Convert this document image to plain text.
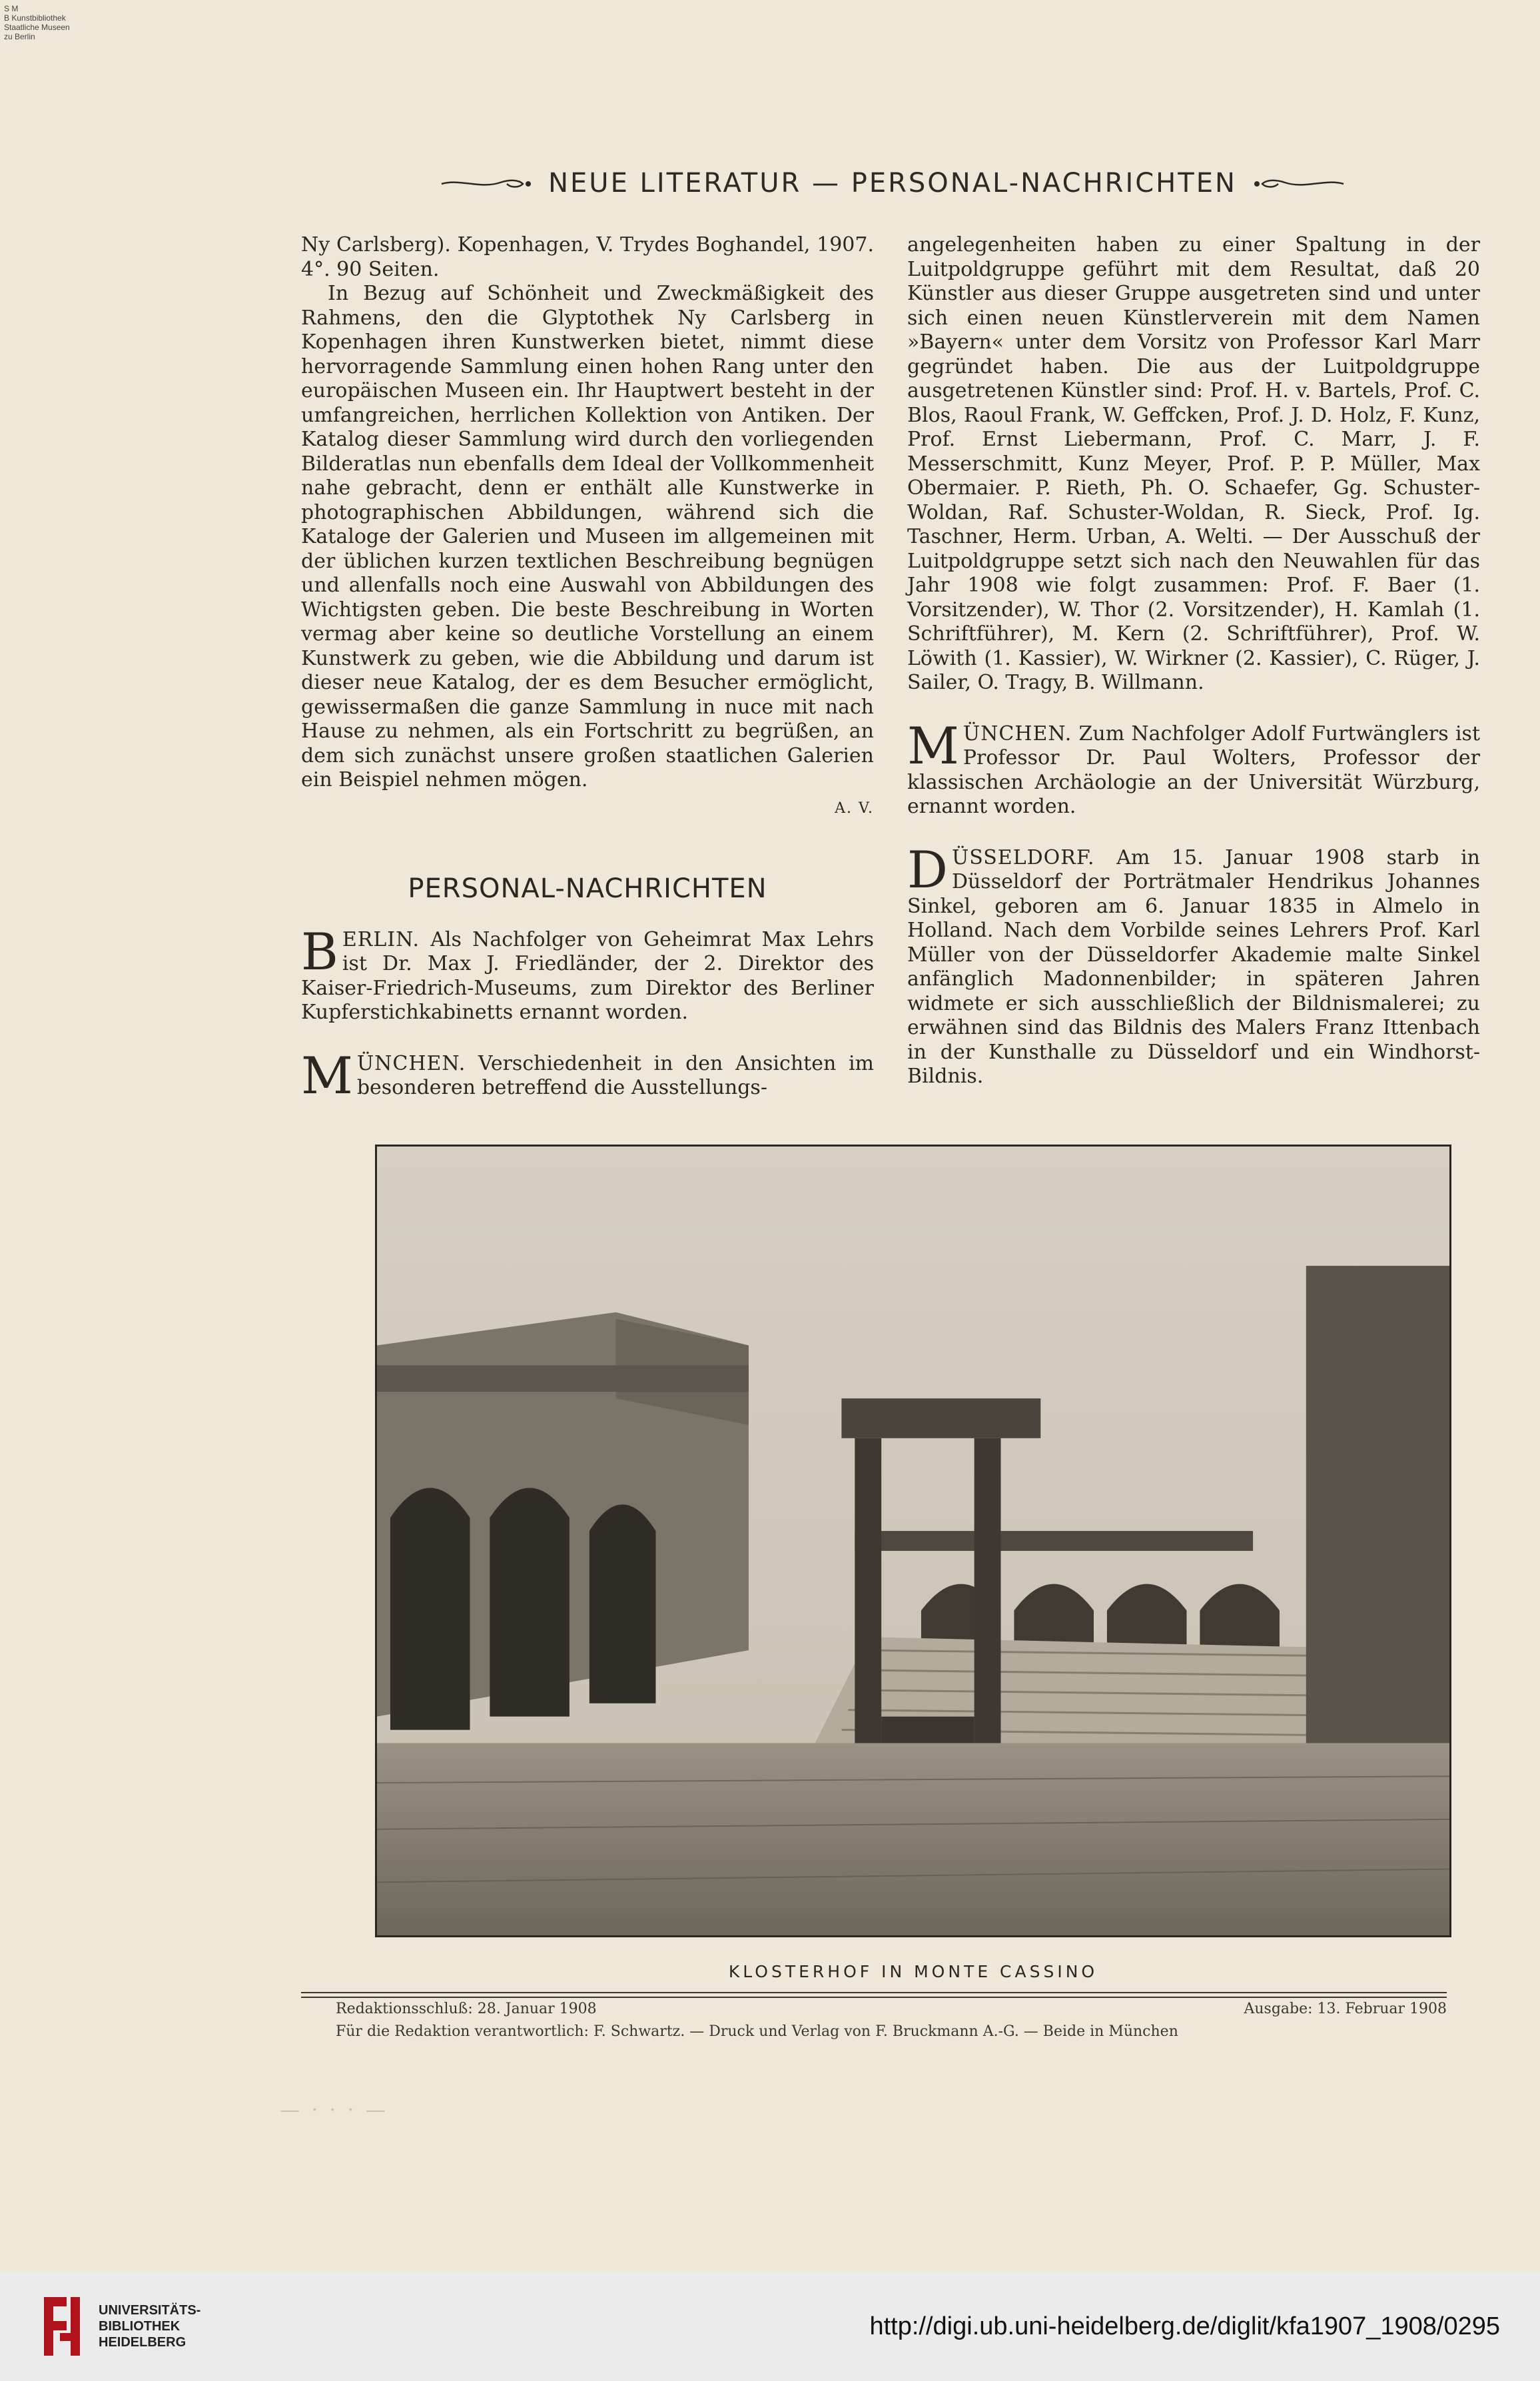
S M
B Kunstbibliothek
Staatliche Museen
zu Berlin
NEUE LITERATUR — PERSONAL-NACHRICHTEN

Ny Carlsberg). Kopenhagen, V. Trydes Boghandel, 1907. 4°. 90 Seiten.

In Bezug auf Schönheit und Zweckmäßigkeit des Rahmens, den die Glyptothek Ny Carlsberg in Kopenhagen ihren Kunstwerken bietet, nimmt diese hervorragende Sammlung einen hohen Rang unter den europäischen Museen ein. Ihr Hauptwert besteht in der umfangreichen, herrlichen Kollektion von Antiken. Der Katalog dieser Sammlung wird durch den vorliegenden Bilderatlas nun ebenfalls dem Ideal der Vollkommenheit nahe gebracht, denn er enthält alle Kunstwerke in photographischen Abbildungen, während sich die Kataloge der Galerien und Museen im allgemeinen mit der üblichen kurzen textlichen Beschreibung begnügen und allenfalls noch eine Auswahl von Abbildungen des Wichtigsten geben. Die beste Beschreibung in Worten vermag aber keine so deutliche Vorstellung an einem Kunstwerk zu geben, wie die Abbildung und darum ist dieser neue Katalog, der es dem Besucher ermöglicht, gewissermaßen die ganze Sammlung in nuce mit nach Hause zu nehmen, als ein Fortschritt zu begrüßen, an dem sich zunächst unsere großen staatlichen Galerien ein Beispiel nehmen mögen.

A. V.
PERSONAL-NACHRICHTEN
BERLIN. Als Nachfolger von Geheimrat Max Lehrs ist Dr. Max J. Friedländer, der 2. Direktor des Kaiser-Friedrich-Museums, zum Direktor des Berliner Kupferstichkabinetts ernannt worden.
MÜNCHEN. Verschiedenheit in den Ansichten im besonderen betreffend die Ausstellungs-

angelegenheiten haben zu einer Spaltung in der Luitpoldgruppe geführt mit dem Resultat, daß 20 Künstler aus dieser Gruppe ausgetreten sind und unter sich einen neuen Künstlerverein mit dem Namen »Bayern« unter dem Vorsitz von Professor Karl Marr gegründet haben. Die aus der Luitpoldgruppe ausgetretenen Künstler sind: Prof. H. v. Bartels, Prof. C. Blos, Raoul Frank, W. Geffcken, Prof. J. D. Holz, F. Kunz, Prof. Ernst Liebermann, Prof. C. Marr, J. F. Messerschmitt, Kunz Meyer, Prof. P. P. Müller, Max Obermaier. P. Rieth, Ph. O. Schaefer, Gg. Schuster-Woldan, Raf. Schuster-Woldan, R. Sieck, Prof. Ig. Taschner, Herm. Urban, A. Welti. — Der Ausschuß der Luitpoldgruppe setzt sich nach den Neuwahlen für das Jahr 1908 wie folgt zusammen: Prof. F. Baer (1. Vorsitzender), W. Thor (2. Vorsitzender), H. Kamlah (1. Schriftführer), M. Kern (2. Schriftführer), Prof. W. Löwith (1. Kassier), W. Wirkner (2. Kassier), C. Rüger, J. Sailer, O. Tragy, B. Willmann.

MÜNCHEN. Zum Nachfolger Adolf Furtwänglers ist Professor Dr. Paul Wolters, Professor der klassischen Archäologie an der Universität Würzburg, ernannt worden.
DÜSSELDORF. Am 15. Januar 1908 starb in Düsseldorf der Porträtmaler Hendrikus Johannes Sinkel, geboren am 6. Januar 1835 in Almelo in Holland. Nach dem Vorbilde seines Lehrers Prof. Karl Müller von der Düsseldorfer Akademie malte Sinkel anfänglich Madonnenbilder; in späteren Jahren widmete er sich ausschließlich der Bildnismalerei; zu erwähnen sind das Bildnis des Malers Franz Ittenbach in der Kunsthalle zu Düsseldorf und ein Windhorst-Bildnis.
KLOSTERHOF IN MONTE CASSINO
Redaktionsschluß: 28. Januar 1908	Ausgabe: 13. Februar 1908
Für die Redaktion verantwortlich: F. Schwartz. — Druck und Verlag von F. Bruckmann A.-G. — Beide in München
— · · · —
UNIVERSITÄTS-
BIBLIOTHEK
HEIDELBERG
http://digi.ub.uni-heidelberg.de/diglit/kfa1907_1908/0295
